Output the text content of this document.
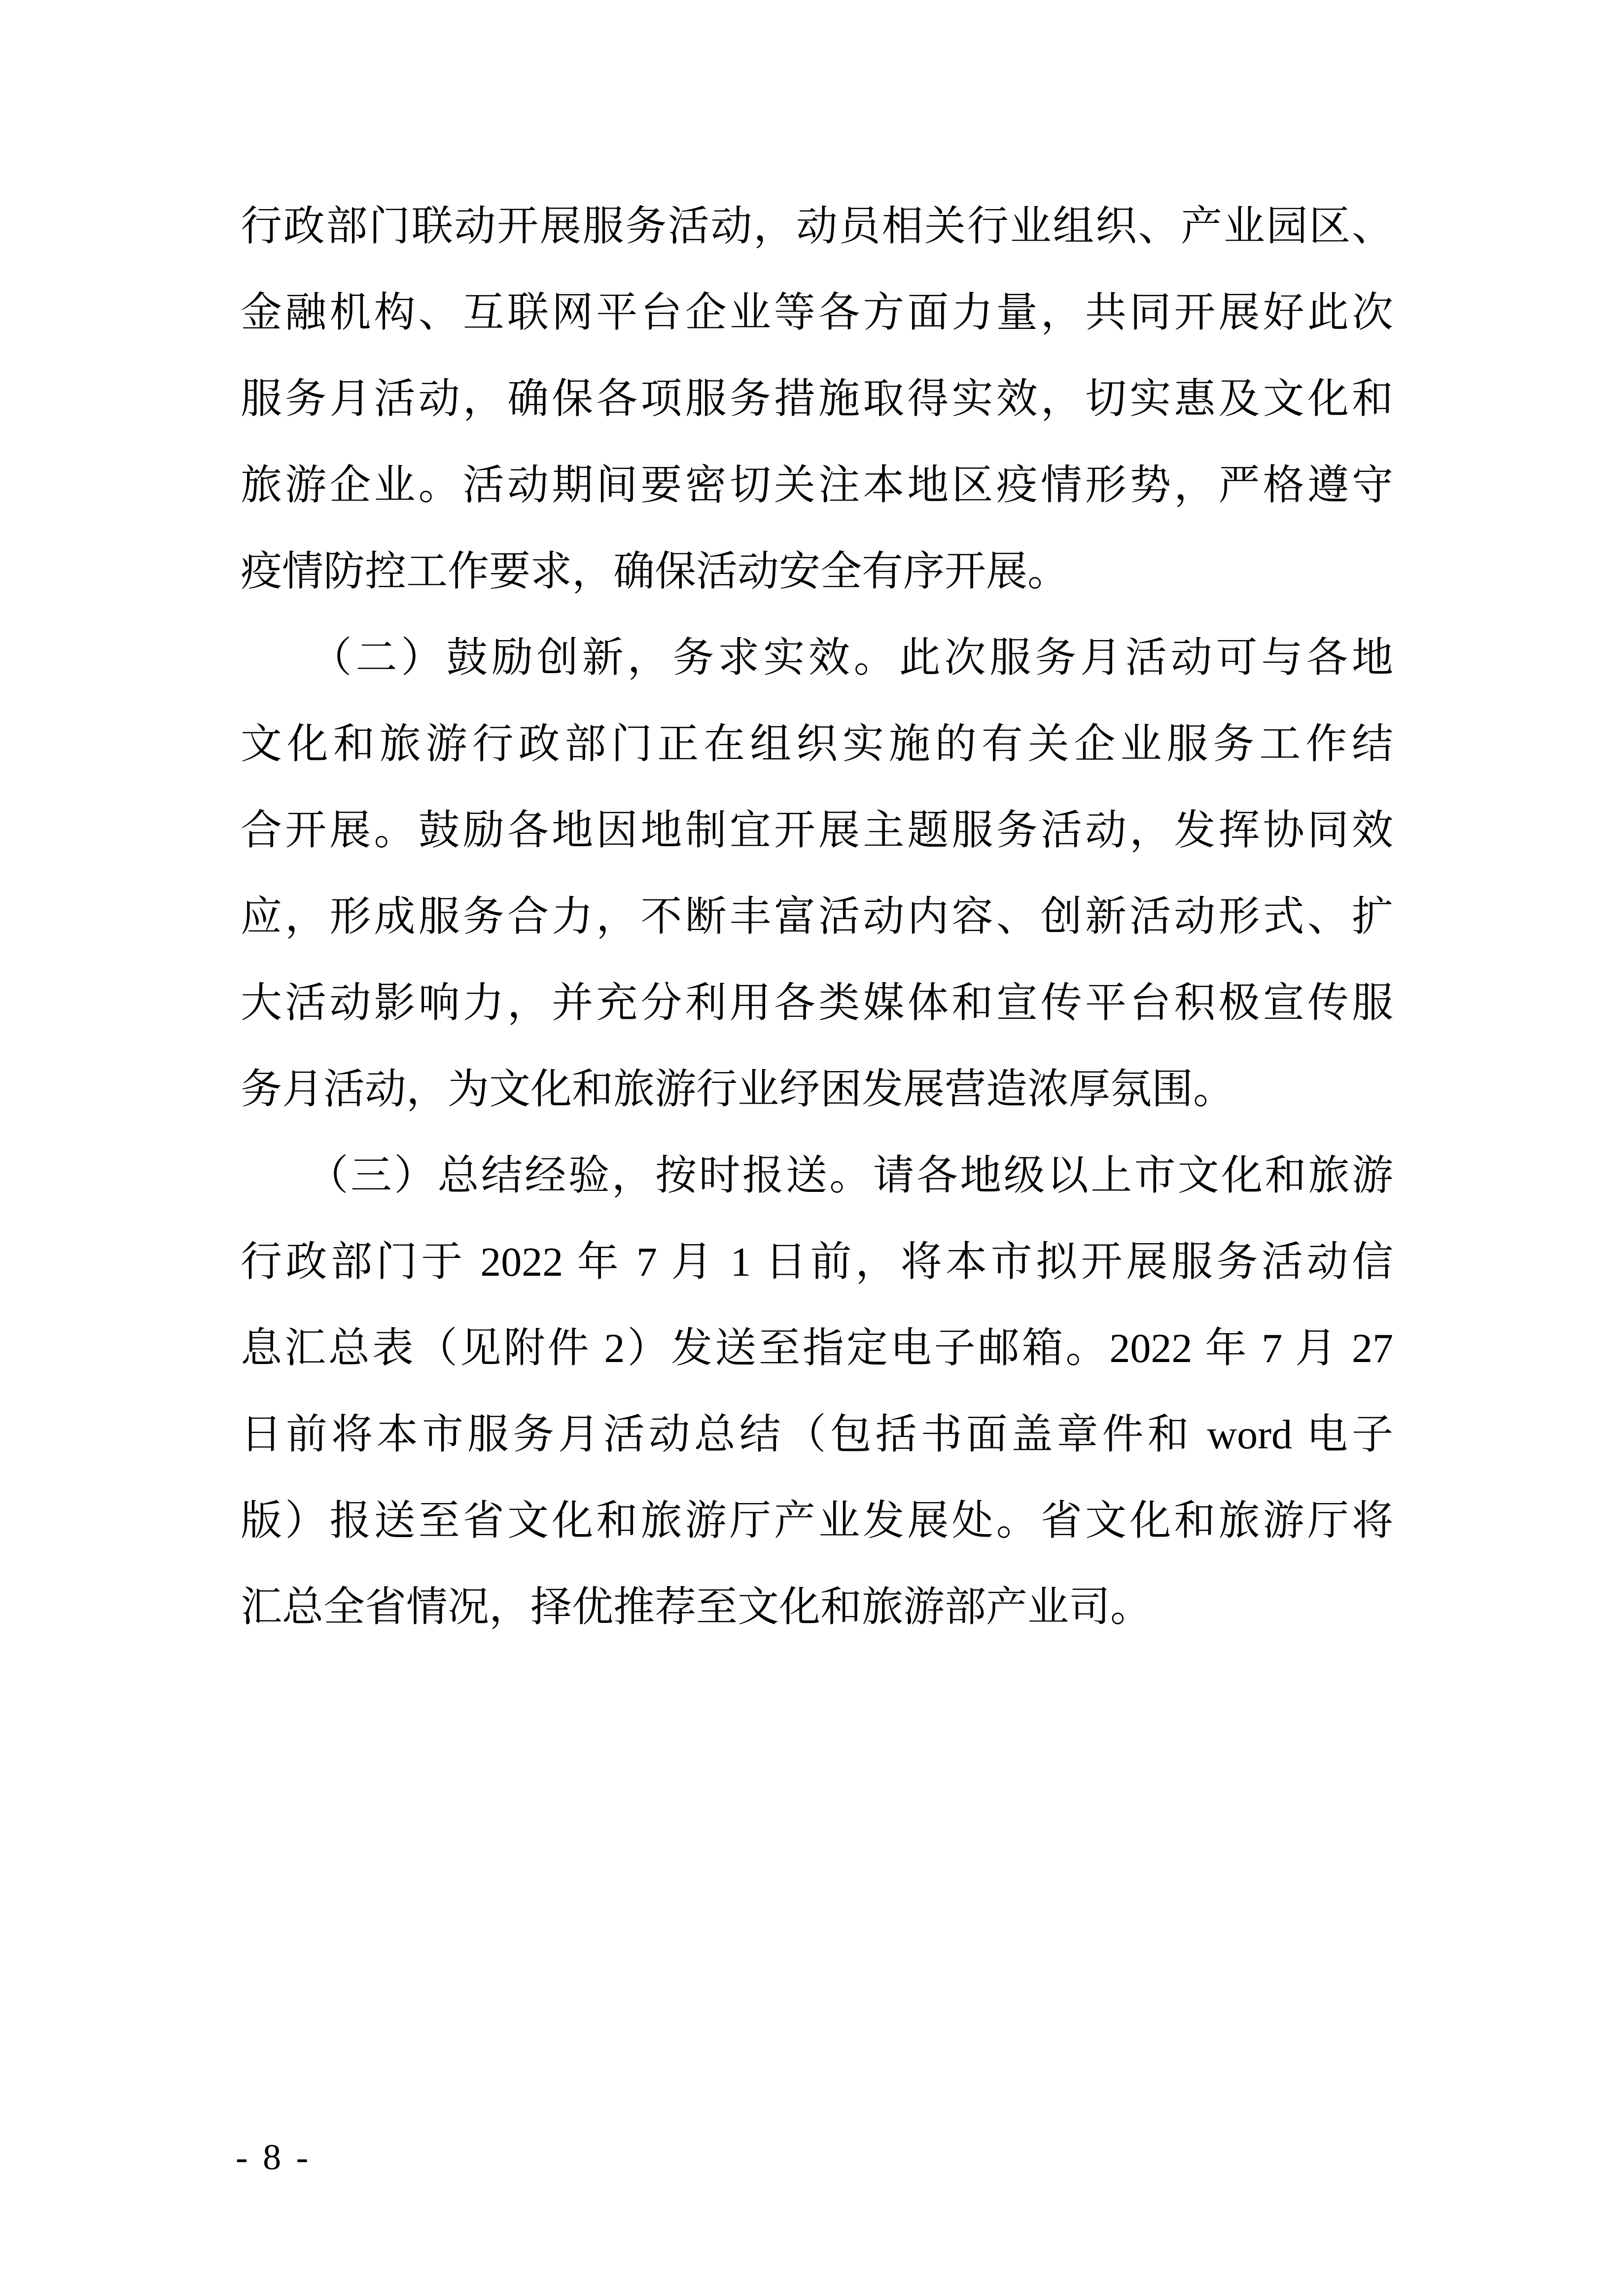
行政部门联动开展服务活动，动员相关行业组织、产业园区、
金融机构、互联网平台企业等各方面力量，共同开展好此次
服务月活动，确保各项服务措施取得实效，切实惠及文化和
旅游企业。活动期间要密切关注本地区疫情形势，严格遵守
疫情防控工作要求，确保活动安全有序开展。
　　（二）鼓励创新，务求实效。此次服务月活动可与各地
文化和旅游行政部门正在组织实施的有关企业服务工作结
合开展。鼓励各地因地制宜开展主题服务活动，发挥协同效
应，形成服务合力，不断丰富活动内容、创新活动形式、扩
大活动影响力，并充分利用各类媒体和宣传平台积极宣传服
务月活动，为文化和旅游行业纾困发展营造浓厚氛围。
　　（三）总结经验，按时报送。请各地级以上市文化和旅游
行政部门于 2022 年 7 月 1 日前，将本市拟开展服务活动信
息汇总表（见附件 2）发送至指定电子邮箱。2022 年 7 月 27
日前将本市服务月活动总结（包括书面盖章件和 word 电子
版）报送至省文化和旅游厅产业发展处。省文化和旅游厅将
汇总全省情况，择优推荐至文化和旅游部产业司。
- 8 -
